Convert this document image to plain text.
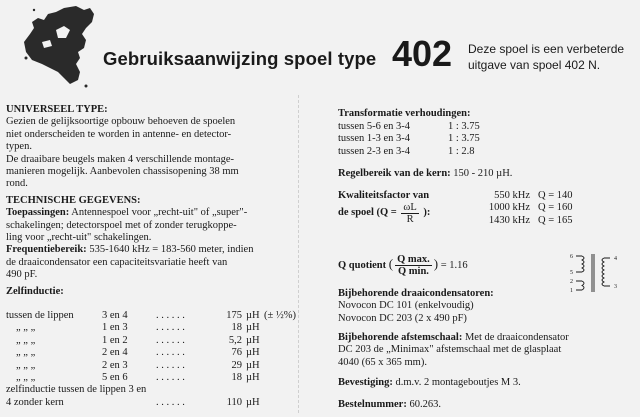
Gebruiksaanwijzing spoel type 402 Deze spoel is een verbeterde
uitgave van spoel 402 N.
UNIVERSEEL TYPE:
Gezien de gelijksoortige opbouw behoeven de spoelen
niet onderscheiden te worden in antenne- en detector-
typen.
De draaibare beugels maken 4 verschillende montage-
manieren mogelijk. Aanbevolen chassisopening 38 mm
rond.
TECHNISCHE GEGEVENS:
Toepassingen: Antennespoel voor „recht-uit" of „super"-
schakelingen; detectorspoel met of zonder terugkoppe-
ling voor „recht-uit" schakelingen.
Frequentiebereik: 535-1640 kHz = 183-560 meter, indien
de draaicondensator een capaciteitsvariatie heeft van
490 pF.
Zelfinductie:
tussen de lippen	3 en 4	. . . . . .	175 µH (± ½%)
„ „ „	1 en 3	. . . . . .	18 µH
„ „ „	1 en 2	. . . . . .	5,2 µH
„ „ „	2 en 4	. . . . . .	76 µH
„ „ „	2 en 3	. . . . . .	29 µH
„ „ „	5 en 6	. . . . . .	18 µH
zelfinductie tussen de lippen 3 en
4 zonder kern	. . . . . .	110 µH
Transformatie verhoudingen:
tussen 5-6 en 3-4	1 : 3.75
tussen 1-3 en 3-4	1 : 3.75
tussen 2-3 en 3-4	1 : 2.8
Regelbereik van de kern: 150 - 210 µH.
Kwaliteitsfactor van
de spoel ($Q = \frac{\omega L}{R}$ ):
550 kHz Q = 140
1000 kHz Q = 160
1430 kHz Q = 165
Q quotient ( $\frac{\text{Q max.}}{\text{Q min.}}$ ) = 1.16
Bijbehorende draaicondensatoren:
Novocon DC 101 (enkelvoudig)
Novocon DC 203 (2 x 490 pF)
Bijbehorende afstemschaal: Met de draaicondensator
DC 203 de „Minimax" afstemschaal met de glasplaat
4040 (65 x 365 mm).
Bevestiging: d.m.v. 2 montageboutjes M 3.
Bestelnummer: 60.263.
6
5
4
2
1
3
